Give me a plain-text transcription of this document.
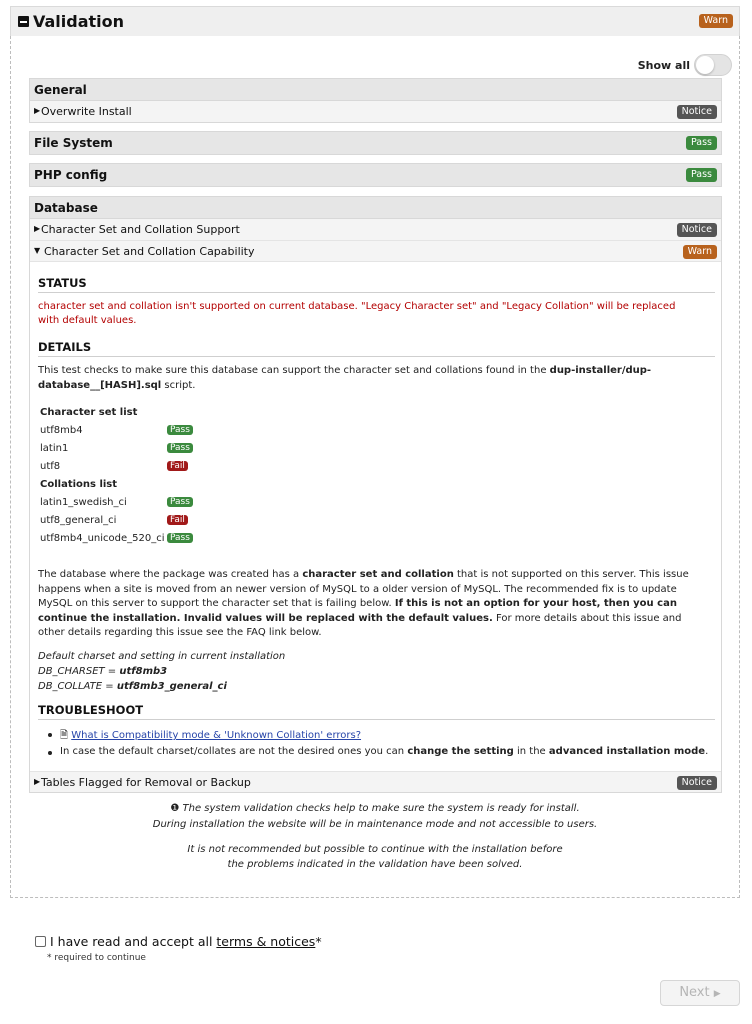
Validation	Warn
Show all
General
▶ Overwrite Install	Notice
File System	Pass
PHP config	Pass
Database
▶ Character Set and Collation Support	Notice
▼ Character Set and Collation Capability	Warn
STATUS
character set and collation isn't supported on current database. "Legacy Character set" and "Legacy Collation" will be replaced with default values.
DETAILS
This test checks to make sure this database can support the character set and collations found in the dup-installer/dup-database__[HASH].sql script.
Character set list
utf8mb4	Pass
latin1	Pass
utf8	Fail
Collations list
latin1_swedish_ci	Pass
utf8_general_ci	Fail
utf8mb4_unicode_520_ci Pass
The database where the package was created has a character set and collation that is not supported on this server. This issue happens when a site is moved from an newer version of MySQL to a older version of MySQL. The recommended fix is to update MySQL on this server to support the character set that is failing below. If this is not an option for your host, then you can continue the installation. Invalid values will be replaced with the default values. For more details about this issue and other details regarding this issue see the FAQ link below.
Default charset and setting in current installation
DB_CHARSET = utf8mb3
DB_COLLATE = utf8mb3_general_ci
TROUBLESHOOT
🗎 What is Compatibility mode & 'Unknown Collation' errors?
In case the default charset/collates are not the desired ones you can change the setting in the advanced installation mode.
▶ Tables Flagged for Removal or Backup	Notice
❶ The system validation checks help to make sure the system is ready for install.
During installation the website will be in maintenance mode and not accessible to users.
It is not recommended but possible to continue with the installation before
the problems indicated in the validation have been solved.
I have read and accept all terms & notices*
* required to continue
Next ▶
